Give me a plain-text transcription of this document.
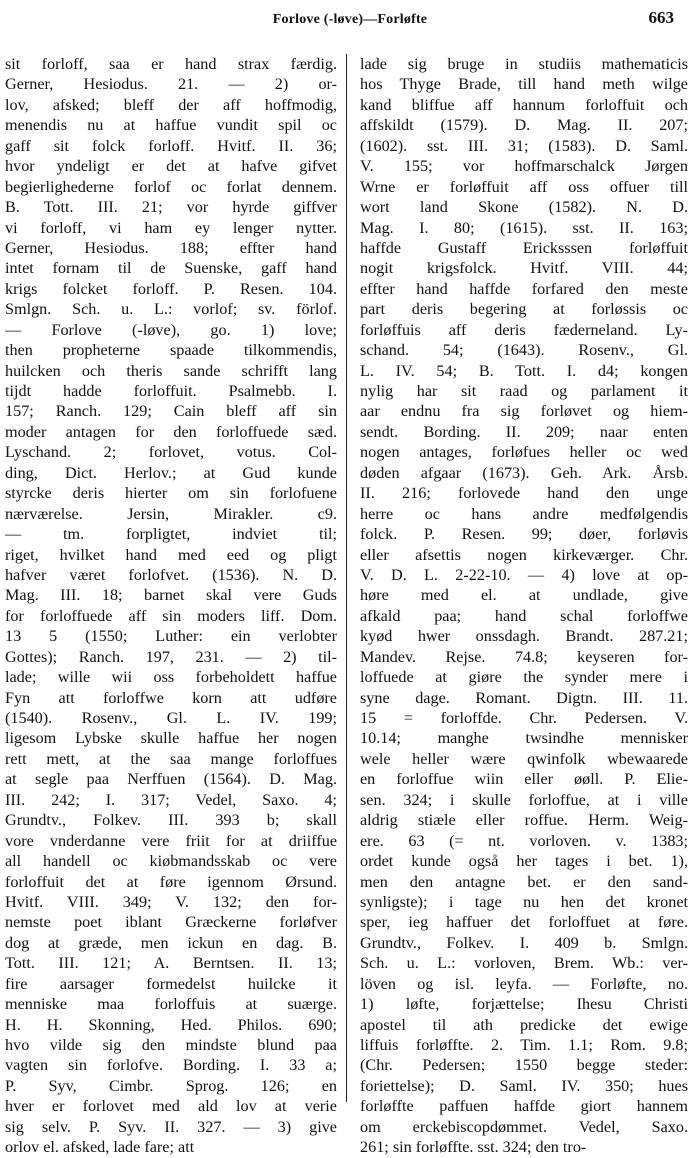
Forlove (-løve)—Forløfte	663
sit forloff, saa er hand strax færdig.
Gerner, Hesiodus. 21. — 2) or-
lov, afsked; bleff der aff hoffmodig,
menendis nu at haffue vundit spil oc
gaff sit folck forloff. Hvitf. II. 36;
hvor yndeligt er det at hafve gifvet
begierlighederne forlof oc forlat dennem.
B. Tott. III. 21; vor hyrde giffver
vi forloff, vi ham ey lenger nytter.
Gerner, Hesiodus. 188; effter hand
intet fornam til de Suenske, gaff hand
krigs folcket forloff. P. Resen. 104.
Smlgn. Sch. u. L.: vorlof; sv. förlof.
— Forlove (-løve), go. 1) love;
then propheterne spaade tilkommendis,
huilcken och theris sande schrifft lang
tijdt hadde forloffuit. Psalmebb. I.
157; Ranch. 129; Cain bleff aff sin
moder antagen for den forloffuede sæd.
Lyschand. 2; forlovet, votus. Col-
ding, Dict. Herlov.; at Gud kunde
styrcke deris hierter om sin forlofuene
nærværelse. Jersin, Mirakler. c9.
— tm. forpligtet, indviet til;
riget, hvilket hand med eed og pligt
hafver været forlofvet. (1536). N. D.
Mag. III. 18; barnet skal vere Guds
for forloffuede aff sin moders liff. Dom.
13 5 (1550; Luther: ein verlobter
Gottes); Ranch. 197, 231. — 2) til-
lade; wille wii oss forbeholdett haffue
Fyn att forloffwe korn att udføre
(1540). Rosenv., Gl. L. IV. 199;
ligesom Lybske skulle haffue her nogen
rett mett, at the saa mange forloffues
at segle paa Nerffuen (1564). D. Mag.
III. 242; I. 317; Vedel, Saxo. 4;
Grundtv., Folkev. III. 393 b; skall
vore vnderdanne vere friit for at driiffue
all handell oc kiøbmandsskab oc vere
forloffuit det at føre igennom Ørsund.
Hvitf. VIII. 349; V. 132; den for-
nemste poet iblant Græckerne forløfver
dog at græde, men ickun en dag. B.
Tott. III. 121; A. Berntsen. II. 13;
fire aarsager formedelst huilcke it
menniske maa forloffuis at suærge.
H. H. Skonning, Hed. Philos. 690;
hvo vilde sig den mindste blund paa
vagten sin forlofve. Bording. I. 33 a;
P. Syv, Cimbr. Sprog. 126; en
hver er forlovet med ald lov at verie
sig selv. P. Syv. II. 327. — 3) give
orlov el. afsked, lade fare; att
lade sig bruge in studiis mathematicis
hos Thyge Brade, till hand meth wilge
kand bliffue aff hannum forloffuit och
affskildt (1579). D. Mag. II. 207;
(1602). sst. III. 31; (1583). D. Saml.
V. 155; vor hoffmarschalck Jørgen
Wrne er forløffuit aff oss offuer till
wort land Skone (1582). N. D.
Mag. I. 80; (1615). sst. II. 163;
haffde Gustaff Ericksssen forløffuit
nogit krigsfolck. Hvitf. VIII. 44;
effter hand haffde forfared den meste
part deris begering at forløssis oc
forløffuis aff deris fæderneland. Ly-
schand. 54; (1643). Rosenv., Gl.
L. IV. 54; B. Tott. I. d4; kongen
nylig har sit raad og parlament it
aar endnu fra sig forløvet og hiem-
sendt. Bording. II. 209; naar enten
nogen antages, forløfues heller oc wed
døden afgaar (1673). Geh. Ark. Årsb.
II. 216; forlovede hand den unge
herre oc hans andre medfølgendis
folck. P. Resen. 99; døer, forløvis
eller afsettis nogen kirkeværger. Chr.
V. D. L. 2-22-10. — 4) love at op-
høre med el. at undlade, give
afkald paa; hand schal forloffwe
kyød hwer onssdagh. Brandt. 287.21;
Mandev. Rejse. 74.8; keyseren for-
loffuede at giøre the synder mere i
syne dage. Romant. Digtn. III. 11.
15 = forloffde. Chr. Pedersen. V.
10.14; manghe twsindhe mennisker
wele heller wære qwinfolk wbewaarede
en forloffue wiin eller øøll. P. Elie-
sen. 324; i skulle forloffue, at i ville
aldrig stiæle eller roffue. Herm. Weig-
ere. 63 (= nt. vorloven. v. 1383;
ordet kunde også her tages i bet. 1),
men den antagne bet. er den sand-
synligste); i tage nu hen det kronet
sper, ieg haffuer det forloffuet at føre.
Grundtv., Folkev. I. 409 b. Smlgn.
Sch. u. L.: vorloven, Brem. Wb.: ver-
löven og isl. leyfa. — Forløfte, no.
1) løfte, forjættelse; Ihesu Christi
apostel til ath predicke det ewige
liffuis forløffte. 2. Tim. 1.1; Rom. 9.8;
(Chr. Pedersen; 1550 begge steder:
foriettelse); D. Saml. IV. 350; hues
forløffte paffuen haffde giort hannem
om erckebiscopdømmet. Vedel, Saxo.
261; sin forløffte. sst. 324; den tro-
